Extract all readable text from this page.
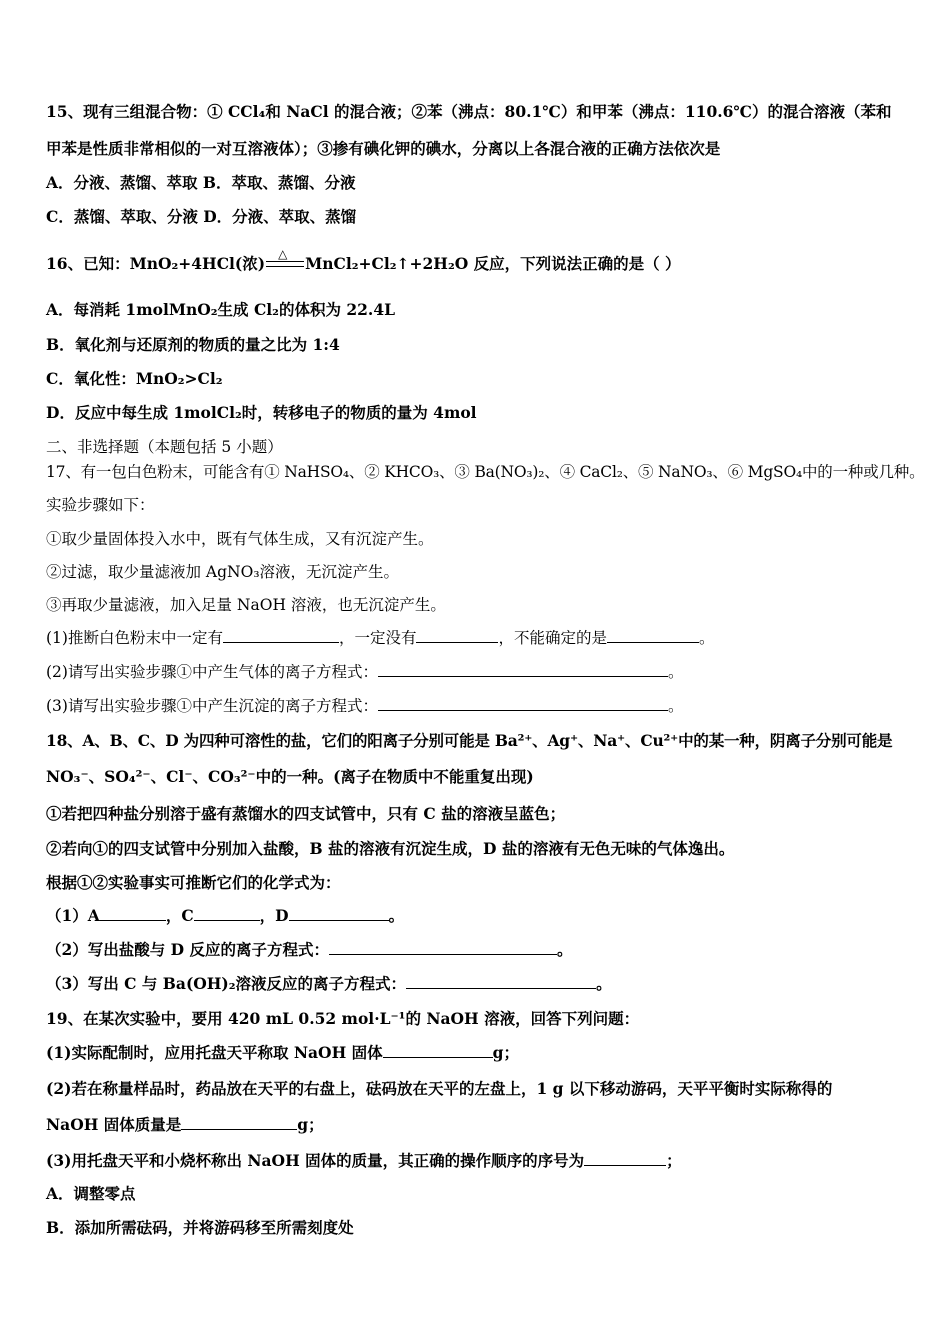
15、现有三组混合物：① CCl₄和 NaCl 的混合液；②苯（沸点：80.1℃）和甲苯（沸点：110.6℃）的混合溶液（苯和
甲苯是性质非常相似的一对互溶液体）；③掺有碘化钾的碘水，分离以上各混合液的正确方法依次是
A．分液、蒸馏、萃取 B．萃取、蒸馏、分液
C．蒸馏、萃取、分液 D．分液、萃取、蒸馏
16、已知：MnO₂+4HCl(浓) △ MnCl₂+Cl₂↑+2H₂O 反应，下列说法正确的是（ ）
A．每消耗 1molMnO₂生成 Cl₂的体积为 22.4L
B．氧化剂与还原剂的物质的量之比为 1:4
C．氧化性：MnO₂>Cl₂
D．反应中每生成 1molCl₂时，转移电子的物质的量为 4mol
二、非选择题（本题包括 5 小题）
17、有一包白色粉末，可能含有① NaHSO₄、② KHCO₃、③ Ba(NO₃)₂、④ CaCl₂、⑤ NaNO₃、⑥ MgSO₄中的一种或几种。
实验步骤如下：
①取少量固体投入水中，既有气体生成，又有沉淀产生。
②过滤，取少量滤液加 AgNO₃溶液，无沉淀产生。
③再取少量滤液，加入足量 NaOH 溶液，也无沉淀产生。
(1)推断白色粉末中一定有	，一定没有	，不能确定的是	。
(2)请写出实验步骤①中产生气体的离子方程式：	。
(3)请写出实验步骤①中产生沉淀的离子方程式：	。
18、A、B、C、D 为四种可溶性的盐，它们的阳离子分别可能是 Ba²⁺、Ag⁺、Na⁺、Cu²⁺中的某一种，阴离子分别可能是
NO₃⁻、SO₄²⁻、Cl⁻、CO₃²⁻中的一种。(离子在物质中不能重复出现)
①若把四种盐分别溶于盛有蒸馏水的四支试管中，只有 C 盐的溶液呈蓝色；
②若向①的四支试管中分别加入盐酸，B 盐的溶液有沉淀生成，D 盐的溶液有无色无味的气体逸出。
根据①②实验事实可推断它们的化学式为：
（1）A	，C	，D	。
（2）写出盐酸与 D 反应的离子方程式：	。
（3）写出 C 与 Ba(OH)₂溶液反应的离子方程式：	。
19、在某次实验中，要用 420 mL 0.52 mol·L⁻¹的 NaOH 溶液，回答下列问题：
(1)实际配制时，应用托盘天平称取 NaOH 固体	g；
(2)若在称量样品时，药品放在天平的右盘上，砝码放在天平的左盘上，1 g 以下移动游码，天平平衡时实际称得的
NaOH 固体质量是	g；
(3)用托盘天平和小烧杯称出 NaOH 固体的质量，其正确的操作顺序的序号为	；
A．调整零点
B．添加所需砝码，并将游码移至所需刻度处
